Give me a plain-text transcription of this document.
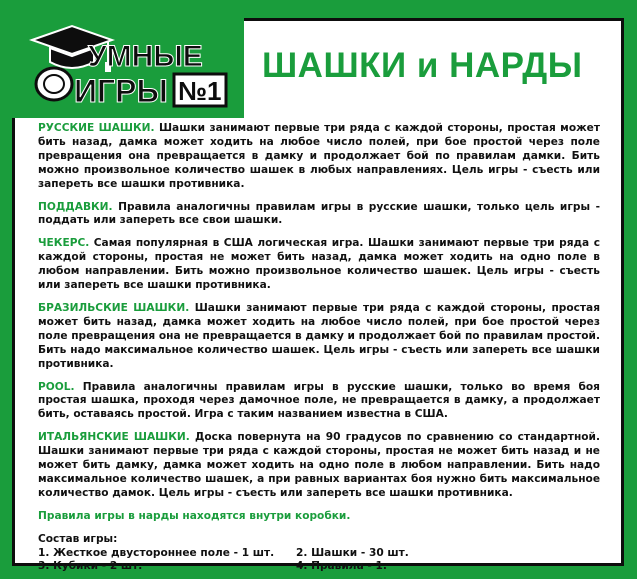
УМНЫЕ
ИГРЫ №1
ШАШКИ и НАРДЫ

РУССКИЕ ШАШКИ. Шашки занимают первые три ряда с каждой стороны, простая может бить назад, дамка может ходить на любое число полей, при бое простой через поле превращения она превращается в дамку и продолжает бой по правилам дамки. Бить можно произвольное количество шашек в любых направлениях. Цель игры - съесть или запереть все шашки противника.

ПОДДАВКИ. Правила аналогичны правилам игры в русские шашки, только цель игры - поддать или запереть все свои шашки.

ЧЕКЕРС. Самая популярная в США логическая игра. Шашки занимают первые три ряда с каждой стороны, простая не может бить назад, дамка может ходить на одно поле в любом направлении. Бить можно произвольное количество шашек. Цель игры - съесть или запереть все шашки противника.

БРАЗИЛЬСКИЕ ШАШКИ. Шашки занимают первые три ряда с каждой стороны, простая может бить назад, дамка может ходить на любое число полей, при бое простой через поле превращения она не превращается в дамку и продолжает бой по правилам простой. Бить надо максимальное количество шашек. Цель игры - съесть или запереть все шашки противника.

POOL. Правила аналогичны правилам игры в русские шашки, только во время боя простая шашка, проходя через дамочное поле, не превращается в дамку, а продолжает бить, оставаясь простой. Игра с таким названием известна в США.

ИТАЛЬЯНСКИЕ ШАШКИ. Доска повернута на 90 градусов по сравнению со стандартной. Шашки занимают первые три ряда с каждой стороны, простая не может бить назад и не может бить дамку, дамка может ходить на одно поле в любом направлении. Бить надо максимальное количество шашек, а при равных вариантах боя нужно бить максимальное количество дамок. Цель игры - съесть или запереть все шашки противника.

Правила игры в нарды находятся внутри коробки.

Состав игры:
1. Жесткое двустороннее поле - 1 шт.	2. Шашки - 30 шт.
3. Кубики - 2 шт.	4. Правила - 1.
